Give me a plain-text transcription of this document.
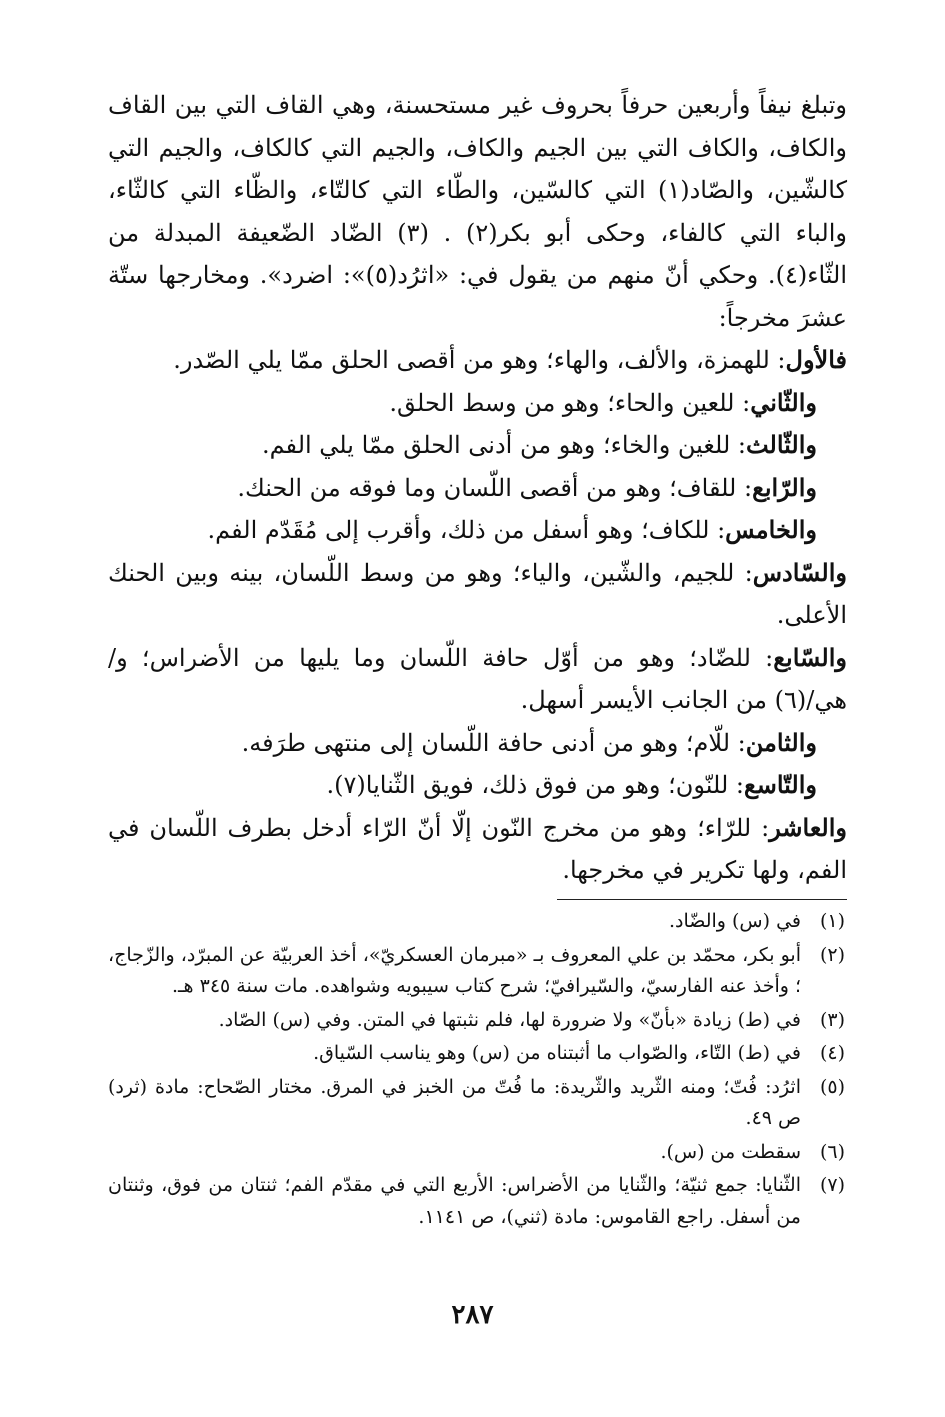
وتبلغ نيفاً وأربعين حرفاً بحروف غير مستحسنة، وهي القاف التي بين القاف والكاف، والكاف التي بين الجيم والكاف، والجيم التي كالكاف، والجيم التي كالشّين، والصّاد(١) التي كالسّين، والطّاء التي كالتّاء، والظّاء التي كالثّاء، والباء التي كالفاء، وحكى أبو بكر(٢) . (٣) الضّاد الضّعيفة المبدلة من الثّاء(٤). وحكي أنّ منهم من يقول في: «اثرُد(٥)»: اضرد». ومخارجها ستّة عشرَ مخرجاً:

فالأول: للهمزة، والألف، والهاء؛ وهو من أقصى الحلق ممّا يلي الصّدر.

والثّاني: للعين والحاء؛ وهو من وسط الحلق.

والثّالث: للغين والخاء؛ وهو من أدنى الحلق ممّا يلي الفم.

والرّابع: للقاف؛ وهو من أقصى اللّسان وما فوقه من الحنك.

والخامس: للكاف؛ وهو أسفل من ذلك، وأقرب إلى مُقَدّم الفم.

والسّادس: للجيم، والشّين، والياء؛ وهو من وسط اللّسان، بينه وبين الحنك الأعلى.

والسّابع: للضّاد؛ وهو من أوّل حافة اللّسان وما يليها من الأضراس؛ و/ هي/(٦) من الجانب الأيسر أسهل.

والثامن: للّام؛ وهو من أدنى حافة اللّسان إلى منتهى طرَفه.

والتّاسع: للنّون؛ وهو من فوق ذلك، فويق الثّنايا(٧).

والعاشر: للرّاء؛ وهو من مخرج النّون إلّا أنّ الرّاء أدخل بطرف اللّسان في الفم، ولها تكرير في مخرجها.

(١)
في (س) والضّاد.
(٢)
أبو بكر، محمّد بن علي المعروف بـ «مبرمان العسكريّ»، أخذ العربيّة عن المبرّد، والزّجاج، ؛ وأخذ عنه الفارسيّ، والسّيرافيّ؛ شرح كتاب سيبويه وشواهده. مات سنة ٣٤٥ هـ.
(٣)
في (ط) زيادة «بأنّ» ولا ضرورة لها، فلم نثبتها في المتن. وفي (س) الصّاد.
(٤)
في (ط) التّاء، والصّواب ما أثبتناه من (س) وهو يناسب السّياق.
(٥)
اثرُد: فُتّ؛ ومنه الثّريد والثّريدة: ما فُتّ من الخبز في المرق. مختار الصّحاح: مادة (ثرد) ص ٤٩.
(٦)
سقطت من (س).
(٧)
الثّنايا: جمع ثنيّة؛ والثّنايا من الأضراس: الأربع التي في مقدّم الفم؛ ثنتان من فوق، وثنتان من أسفل. راجع القاموس: مادة (ثني)، ص ١١٤١.
٢٨٧
